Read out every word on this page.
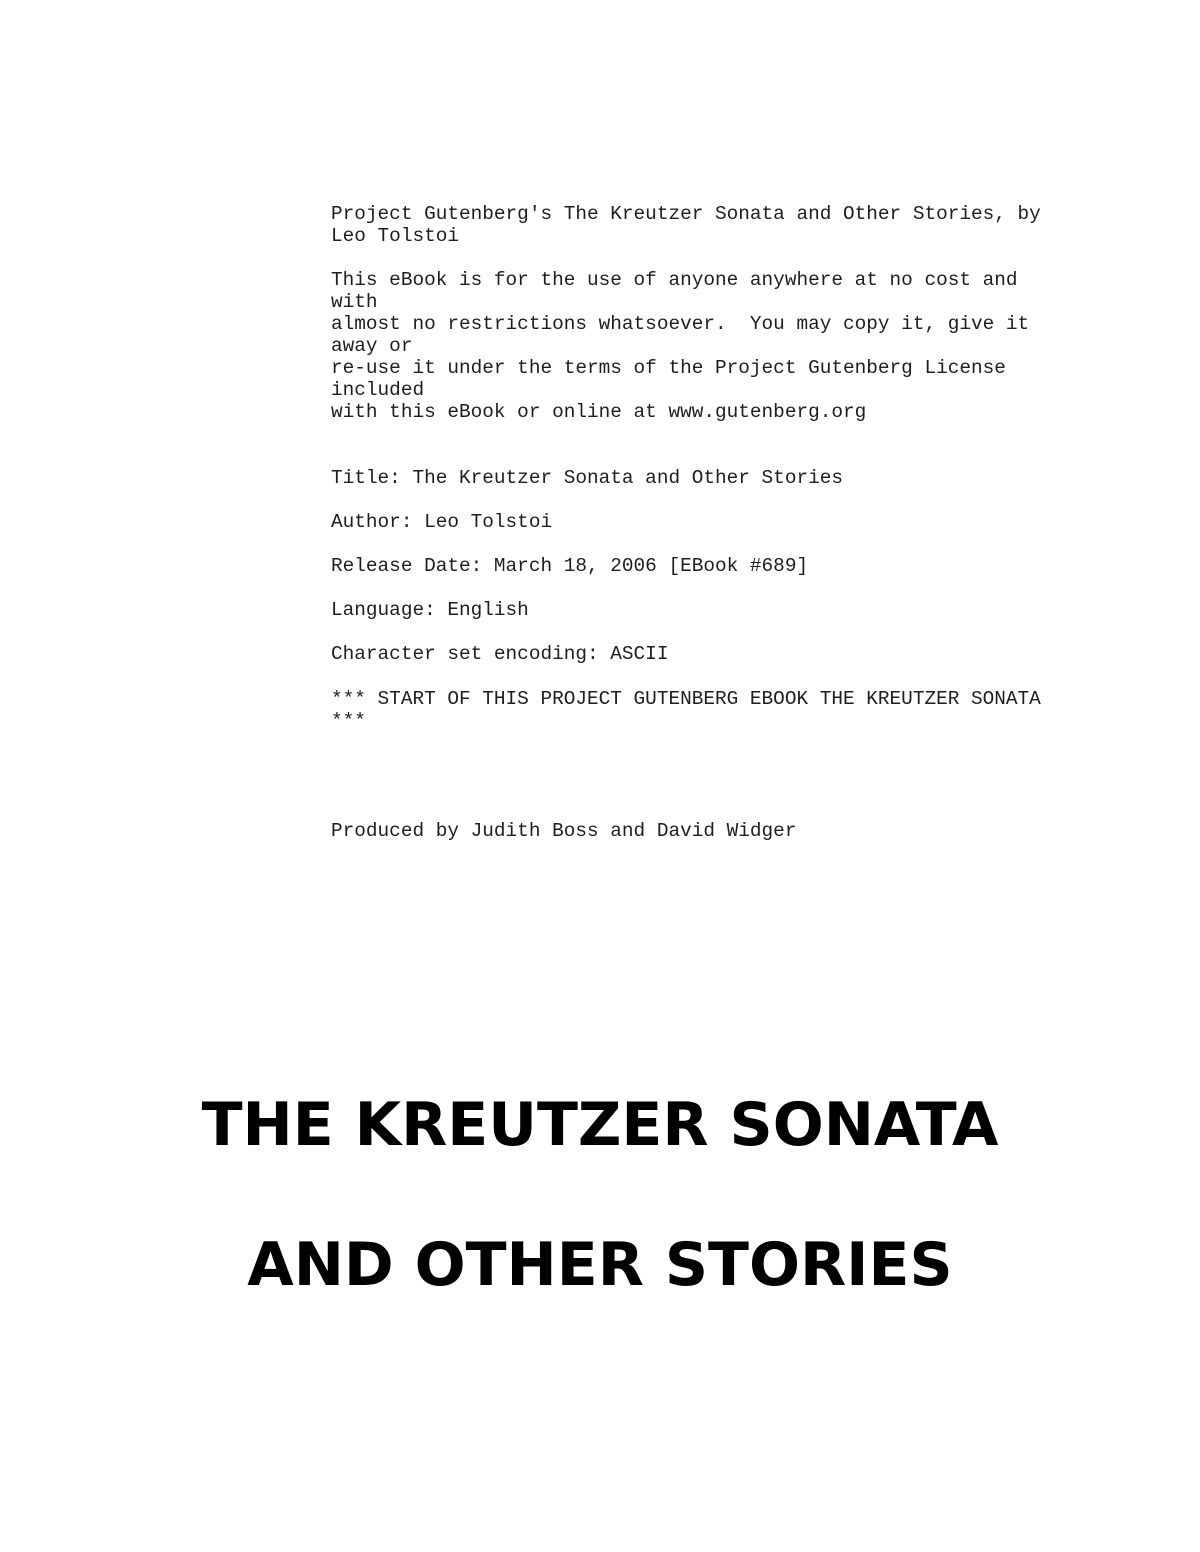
Project Gutenberg's The Kreutzer Sonata and Other Stories, by

Leo Tolstoi

This eBook is for the use of anyone anywhere at no cost and

with

almost no restrictions whatsoever.  You may copy it, give it

away or

re-use it under the terms of the Project Gutenberg License

included

with this eBook or online at www.gutenberg.org

Title: The Kreutzer Sonata and Other Stories

Author: Leo Tolstoi

Release Date: March 18, 2006 [EBook #689]

Language: English

Character set encoding: ASCII

*** START OF THIS PROJECT GUTENBERG EBOOK THE KREUTZER SONATA

***

Produced by Judith Boss and David Widger

THE KREUTZER SONATA
AND OTHER STORIES
